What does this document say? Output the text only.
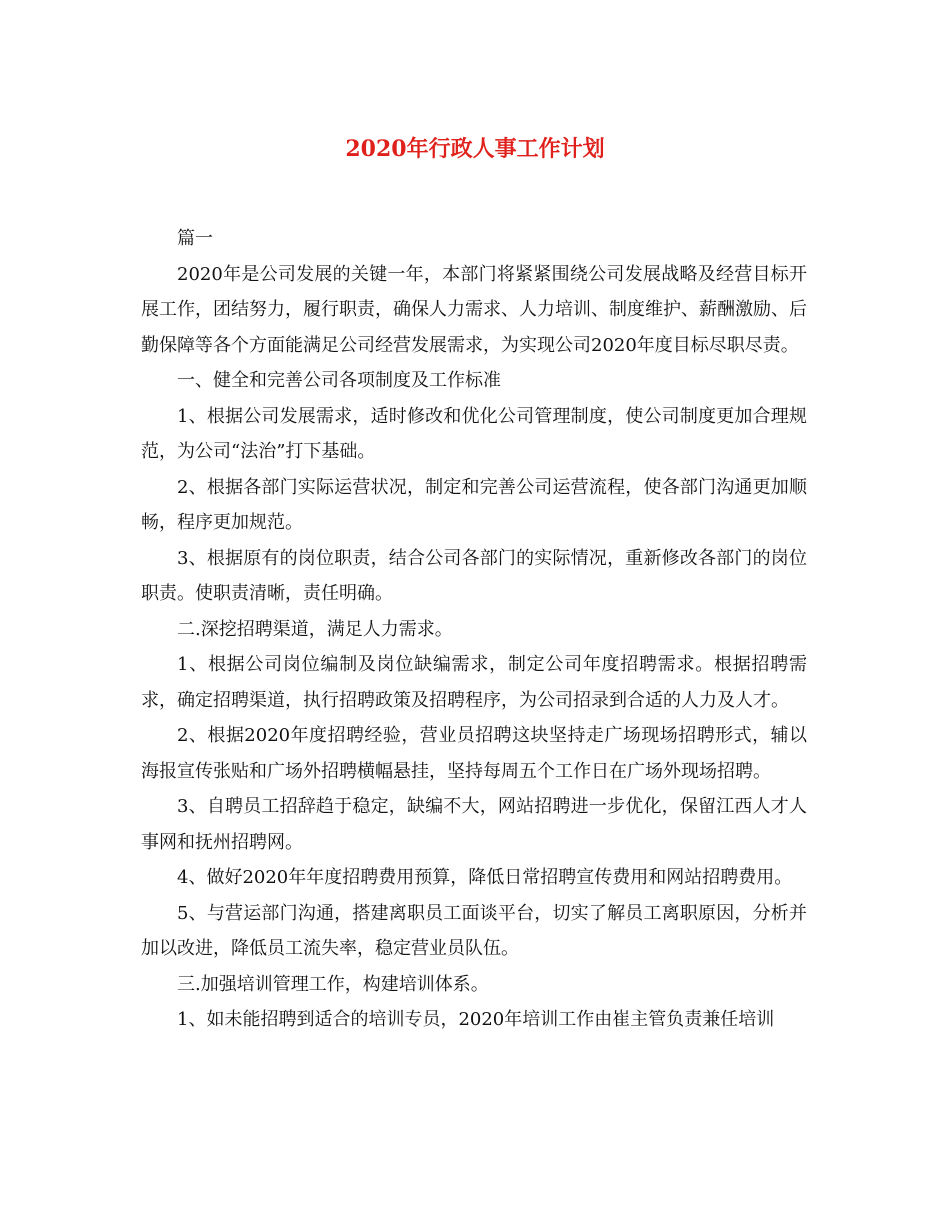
2020年行政人事工作计划

篇一

2020年是公司发展的关键一年，本部门将紧紧围绕公司发展战略及经营目标开展工作，团结努力，履行职责，确保人力需求、人力培训、制度维护、薪酬激励、后勤保障等各个方面能满足公司经营发展需求，为实现公司2020年度目标尽职尽责。

一、健全和完善公司各项制度及工作标准

1、根据公司发展需求，适时修改和优化公司管理制度，使公司制度更加合理规范，为公司“法治”打下基础。

2、根据各部门实际运营状况，制定和完善公司运营流程，使各部门沟通更加顺畅，程序更加规范。

3、根据原有的岗位职责，结合公司各部门的实际情况，重新修改各部门的岗位职责。使职责清晰，责任明确。

二.深挖招聘渠道，满足人力需求。

1、根据公司岗位编制及岗位缺编需求，制定公司年度招聘需求。根据招聘需求，确定招聘渠道，执行招聘政策及招聘程序，为公司招录到合适的人力及人才。

2、根据2020年度招聘经验，营业员招聘这块坚持走广场现场招聘形式，辅以海报宣传张贴和广场外招聘横幅悬挂，坚持每周五个工作日在广场外现场招聘。

3、自聘员工招辞趋于稳定，缺编不大，网站招聘进一步优化，保留江西人才人事网和抚州招聘网。

4、做好2020年年度招聘费用预算，降低日常招聘宣传费用和网站招聘费用。

5、与营运部门沟通，搭建离职员工面谈平台，切实了解员工离职原因，分析并加以改进，降低员工流失率，稳定营业员队伍。

三.加强培训管理工作，构建培训体系。

1、如未能招聘到适合的培训专员，2020年培训工作由崔主管负责兼任培训
